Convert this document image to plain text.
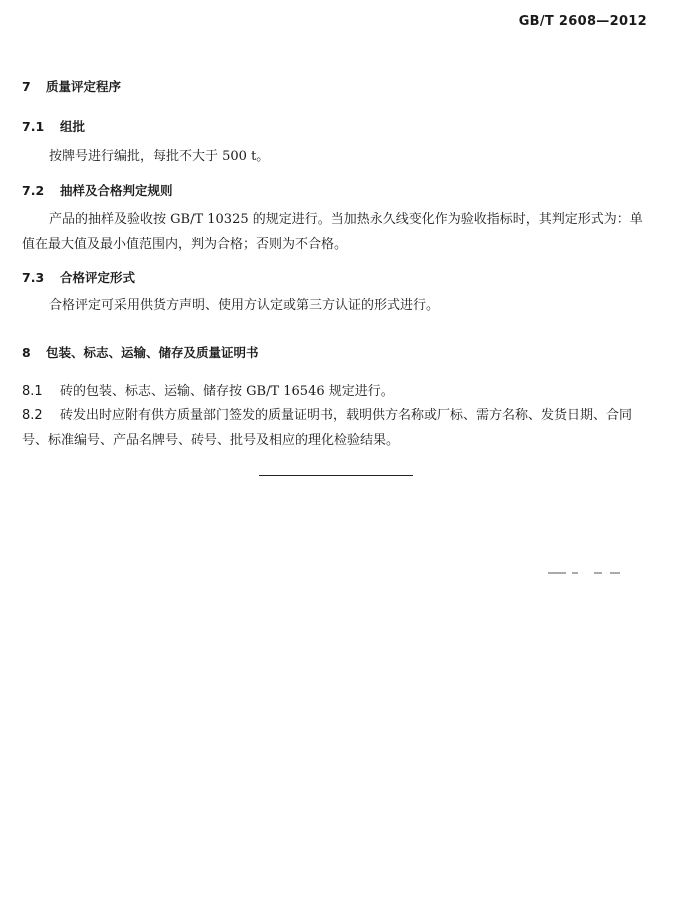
GB/T 2608—2012
7 质量评定程序
7.1 组批
按牌号进行编批，每批不大于 500 t。
7.2 抽样及合格判定规则
产品的抽样及验收按 GB/T 10325 的规定进行。当加热永久线变化作为验收指标时，其判定形式为：单值在最大值及最小值范围内，判为合格；否则为不合格。
7.3 合格评定形式
合格评定可采用供货方声明、使用方认定或第三方认证的形式进行。
8 包装、标志、运输、储存及质量证明书
8.1 砖的包装、标志、运输、储存按 GB/T 16546 规定进行。
8.2 砖发出时应附有供方质量部门签发的质量证明书，载明供方名称或厂标、需方名称、发货日期、合同号、标准编号、产品名牌号、砖号、批号及相应的理化检验结果。
